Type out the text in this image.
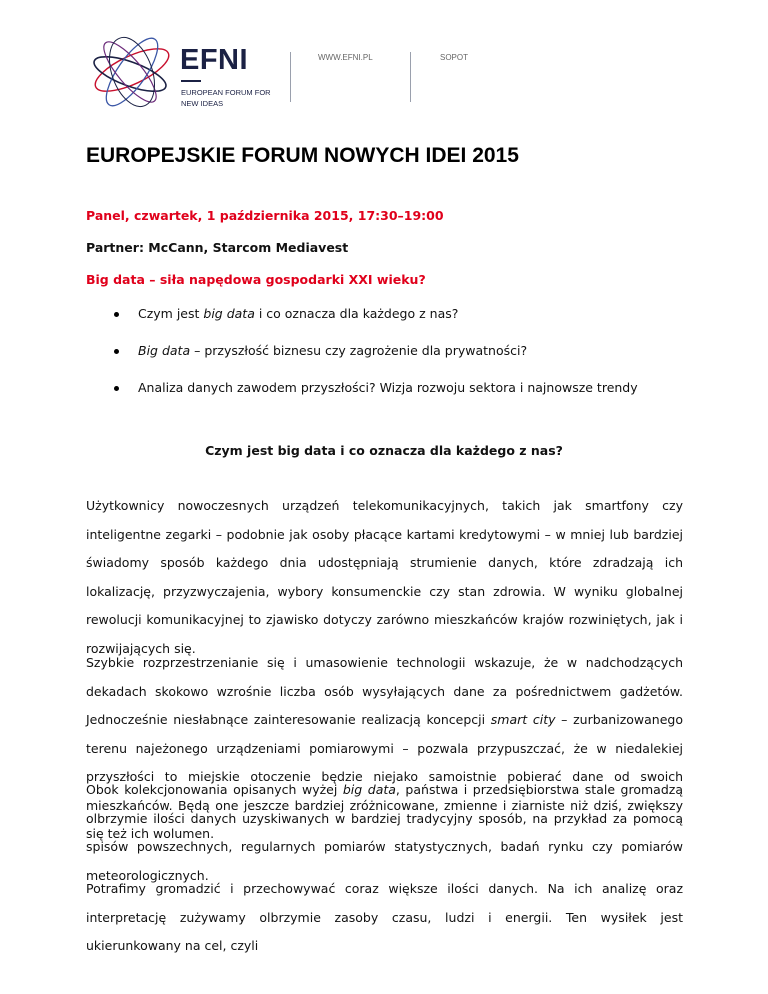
EFNI
EUROPEAN FORUM FOR NEW IDEAS
WWW.EFNI.PL	SOPOT
EUROPEJSKIE FORUM NOWYCH IDEI 2015

Panel, czwartek, 1 października 2015, 17:30–19:00

Partner: McCann, Starcom Mediavest

Big data – siła napędowa gospodarki XXI wieku?

Czym jest big data i co oznacza dla każdego z nas?
Big data – przyszłość biznesu czy zagrożenie dla prywatności?
Analiza danych zawodem przyszłości? Wizja rozwoju sektora i najnowsze trendy
Czym jest big data i co oznacza dla każdego z nas?

Użytkownicy nowoczesnych urządzeń telekomunikacyjnych, takich jak smartfony czy inteligentne zegarki – podobnie jak osoby płacące kartami kredytowymi – w mniej lub bardziej świadomy sposób każdego dnia udostępniają strumienie danych, które zdradzają ich lokalizację, przyzwyczajenia, wybory konsumenckie czy stan zdrowia. W wyniku globalnej rewolucji komunikacyjnej to zjawisko dotyczy zarówno mieszkańców krajów rozwiniętych, jak i rozwijających się.

Szybkie rozprzestrzenianie się i umasowienie technologii wskazuje, że w nadchodzących dekadach skokowo wzrośnie liczba osób wysyłających dane za pośrednictwem gadżetów. Jednocześnie niesłabnące zainteresowanie realizacją koncepcji smart city – zurbanizowanego terenu najeżonego urządzeniami pomiarowymi – pozwala przypuszczać, że w niedalekiej przyszłości to miejskie otoczenie będzie niejako samoistnie pobierać dane od swoich mieszkańców. Będą one jeszcze bardziej zróżnicowane, zmienne i ziarniste niż dziś, zwiększy się też ich wolumen.

Obok kolekcjonowania opisanych wyżej big data, państwa i przedsiębiorstwa stale gromadzą olbrzymie ilości danych uzyskiwanych w bardziej tradycyjny sposób, na przykład za pomocą spisów powszechnych, regularnych pomiarów statystycznych, badań rynku czy pomiarów meteorologicznych.

Potrafimy gromadzić i przechowywać coraz większe ilości danych. Na ich analizę oraz interpretację zużywamy olbrzymie zasoby czasu, ludzi i energii. Ten wysiłek jest ukierunkowany na cel, czyli
